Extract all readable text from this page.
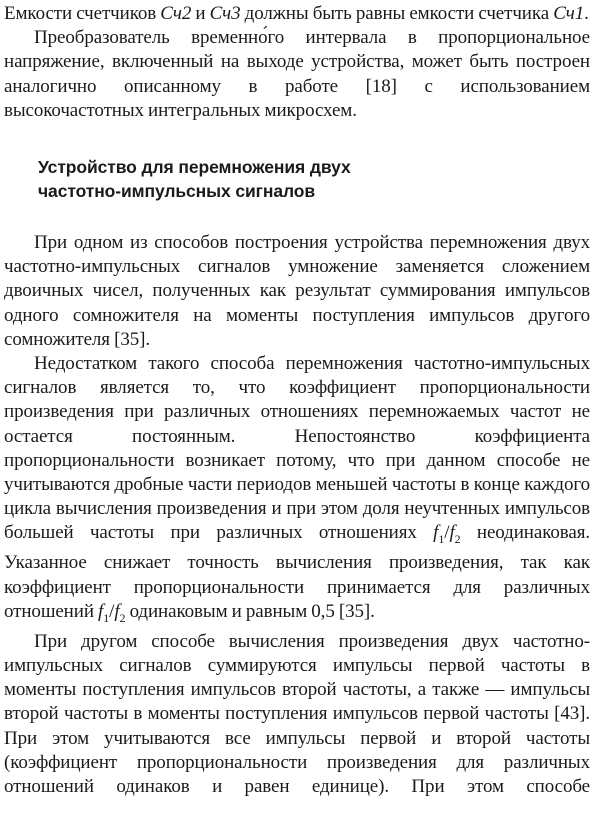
Емкости счетчиков Сч2 и Сч3 должны быть равны емкости счетчика Сч1.

Преобразователь временно́го интервала в пропорциональное напряжение, включенный на выходе устройства, может быть построен аналогично описанному в работе [18] с использованием высокочастотных интегральных микросхем.

Устройство для перемножения двух
частотно-импульсных сигналов

При одном из способов построения устройства перемножения двух частотно-импульсных сигналов умножение заменяется сложением двоичных чисел, полученных как результат суммирования импульсов одного сомножителя на моменты поступления импульсов другого сомножителя [35].

Недостатком такого способа перемножения частотно-импульсных сигналов является то, что коэффициент пропорциональности произведения при различных отношениях перемножаемых частот не остается постоянным. Непостоянство коэффициента пропорциональности возникает потому, что при данном способе не учитываются дробные части периодов меньшей частоты в конце каждого цикла вычисления произведения и при этом доля неучтенных импульсов большей частоты при различных отношениях $f_1/f_2$ неодинаковая. Указанное снижает точность вычисления произведения, так как коэффициент пропорциональности принимается для различных отношений $f_1/f_2$ одинаковым и равным 0,5 [35].

При другом способе вычисления произведения двух частотно-импульсных сигналов суммируются импульсы первой частоты в моменты поступления импульсов второй частоты, а также — импульсы второй частоты в моменты поступления импульсов первой частоты [43]. При этом учитываются все импульсы первой и второй частоты (коэффициент пропорциональности произведения для различных отношений одинаков и равен единице). При этом способе
